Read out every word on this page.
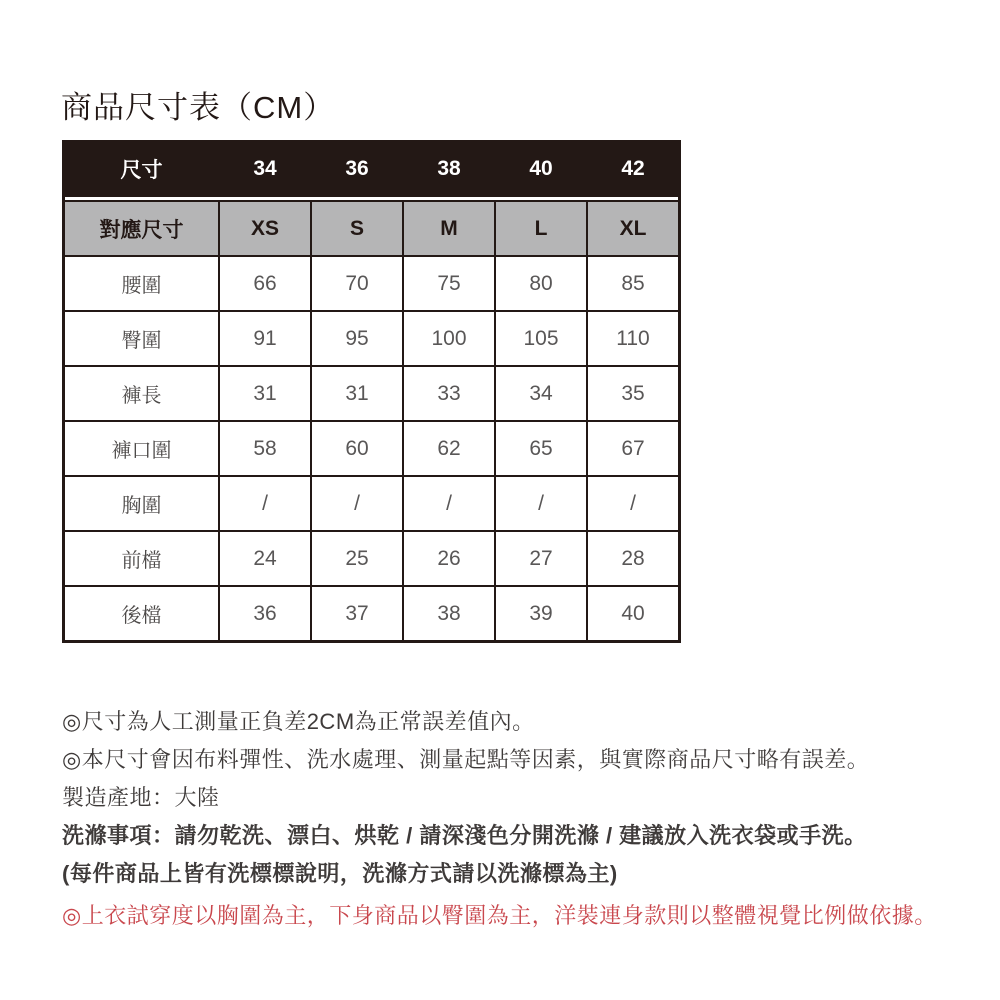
商品尺寸表（CM）
尺寸	34	36	38	40	42
對應尺寸	XS	S	M	L	XL
腰圍	66	70	75	80	85
臀圍	91	95	100	105	110
褲長	31	31	33	34	35
褲口圍	58	60	62	65	67
胸圍	/	/	/	/	/
前檔	24	25	26	27	28
後檔	36	37	38	39	40
◎尺寸為人工測量正負差2CM為正常誤差值內。
◎本尺寸會因布料彈性、洗水處理、測量起點等因素，與實際商品尺寸略有誤差。
製造產地：大陸
洗滌事項：請勿乾洗、漂白、烘乾 / 請深淺色分開洗滌 / 建議放入洗衣袋或手洗。
(每件商品上皆有洗標標說明，洗滌方式請以洗滌標為主)
◎上衣試穿度以胸圍為主，下身商品以臀圍為主，洋裝連身款則以整體視覺比例做依據。
